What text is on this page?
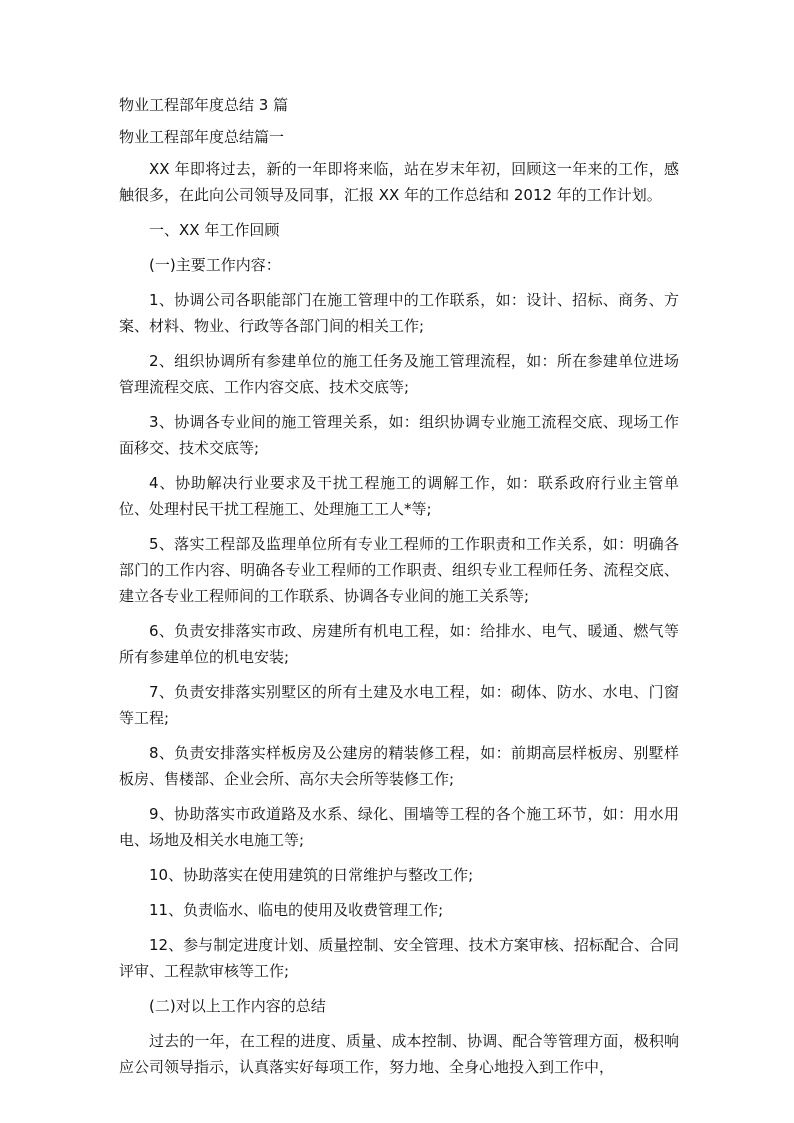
物业工程部年度总结 3 篇

物业工程部年度总结篇一

XX 年即将过去，新的一年即将来临，站在岁末年初，回顾这一年来的工作，感触很多，在此向公司领导及同事，汇报 XX 年的工作总结和 2012 年的工作计划。

一、XX 年工作回顾

(一)主要工作内容：

1、协调公司各职能部门在施工管理中的工作联系，如：设计、招标、商务、方案、材料、物业、行政等各部门间的相关工作;

2、组织协调所有参建单位的施工任务及施工管理流程，如：所在参建单位进场管理流程交底、工作内容交底、技术交底等;

3、协调各专业间的施工管理关系，如：组织协调专业施工流程交底、现场工作面移交、技术交底等;

4、协助解决行业要求及干扰工程施工的调解工作，如：联系政府行业主管单位、处理村民干扰工程施工、处理施工工人*等;

5、落实工程部及监理单位所有专业工程师的工作职责和工作关系，如：明确各部门的工作内容、明确各专业工程师的工作职责、组织专业工程师任务、流程交底、建立各专业工程师间的工作联系、协调各专业间的施工关系等;

6、负责安排落实市政、房建所有机电工程，如：给排水、电气、暖通、燃气等所有参建单位的机电安装;

7、负责安排落实别墅区的所有土建及水电工程，如：砌体、防水、水电、门窗等工程;

8、负责安排落实样板房及公建房的精装修工程，如：前期高层样板房、别墅样板房、售楼部、企业会所、高尔夫会所等装修工作;

9、协助落实市政道路及水系、绿化、围墙等工程的各个施工环节，如：用水用电、场地及相关水电施工等;

10、协助落实在使用建筑的日常维护与整改工作;

11、负责临水、临电的使用及收费管理工作;

12、参与制定进度计划、质量控制、安全管理、技术方案审核、招标配合、合同评审、工程款审核等工作;

(二)对以上工作内容的总结

过去的一年，在工程的进度、质量、成本控制、协调、配合等管理方面，极积响应公司领导指示，认真落实好每项工作，努力地、全身心地投入到工作中，
